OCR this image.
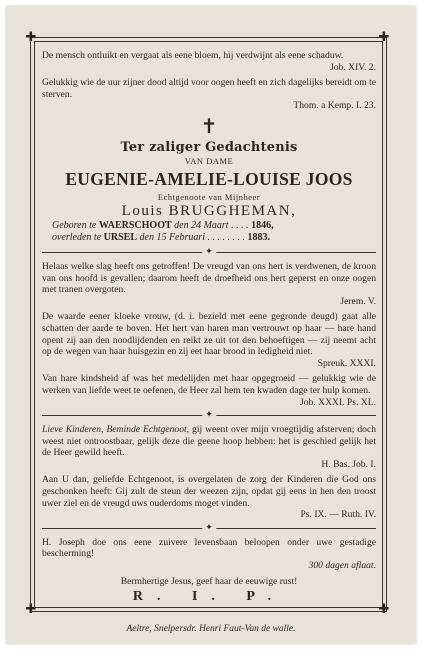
✚	✚
✚	✚

De mensch ontluikt en vergaat als eene bloem, hij verdwijnt als eene schaduw.
Job. XIV. 2.

Gelukkig wie de uur zijner dood altijd voor oogen heeft en zich dagelijks bereidt om te sterven.
Thom. a Kemp. I. 23.

✝
Ter zaliger Gedachtenis
VAN DAME
EUGENIE-AMELIE-LOUISE JOOS
Echtgenoote van Mijnheer
Louis BRUGGHEMAN,
Geboren te WAERSCHOOT den 24 Maart . . . . 1846,
overleden te URSEL den 15 Februari . . . . . . . . 1883.
✦

Helaas welke slag heeft ons getroffen! De vreugd van ons hert is verdwenen, de kroon van ons hoofd is gevallen; daarom heeft de droefheid ons hert geperst en onze oogen met tranen overgoten.
Jerem. V.

De waarde eener kloeke vrouw, (d. i. bezield met eene gegronde deugd) gaat alle schatten der aarde te boven. Het hert van haren man vertrouwt op haar — hare hand opent zij aan den noodlijdenden en reikt ze uit tot den behoeftigen — zij neemt acht op de wegen van haar huisgezin en zij eet haar brood in ledigheid niet.
Spreuk. XXXI.

Van hare kindsheid af was het medelijden met haar opgegroeid — gelukkig wie de werken van liefde weet te oefenen, de Heer zal hem ten kwaden dage ter hulp komen.
Job. XXXI. Ps. XL.

✦

Lieve Kinderen, Beminde Echtgenoot, gij weent over mijn vroegtijdig afsterven; doch weest niet ontroostbaar, gelijk deze die geene hoop hebben: het is geschied gelijk het de Heer gewild heeft.
H. Bas. Job. I.

Aan U dan, geliefde Echtgenoot, is overgelaten de zorg der Kinderen die God ons geschonken heeft: Gij zult de steun der weezen zijn, opdat gij eens in hen den troost uwer ziel en de vreugd uws ouderdoms moget vinden.
Ps. IX. — Ruth. IV.

✦

H. Joseph doe ons eene zuivere levensbaan beloopen onder uwe gestadige bescherming!
300 dagen aflaat.

Bermhertige Jesus, geef haar de eeuwige rust!

R. I. P.
Aeltre, Snelpersdr. Henri Faut-Van de walle.
